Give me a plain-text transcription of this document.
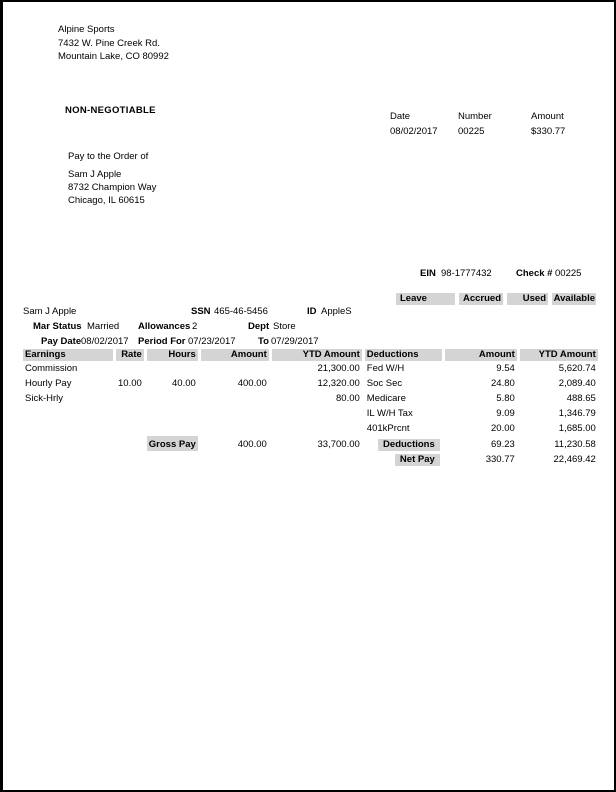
Alpine Sports
7432 W. Pine Creek Rd.
Mountain Lake, CO 80992
NON-NEGOTIABLE
Date	Number	Amount
08/02/2017 00225	$330.77
Pay to the Order of
Sam J Apple
8732 Champion Way
Chicago, IL 60615
EIN 98-1777432	Check # 00225
Leave	Accrued	Used Available
Sam J Apple	SSN 465-46-5456	ID AppleS
Mar Status Married Allowances 2	Dept Store
Pay Date 08/02/2017 Period For 07/23/2017 To 07/29/2017
Earnings	Rate	Hours	Amount	YTD Amount	Deductions	Amount	YTD Amount
Commission				21,300.00	Fed W/H	9.54	5,620.74
Hourly Pay	10.00	40.00	400.00	12,320.00	Soc Sec	24.80	2,089.40
Sick-Hrly				80.00	Medicare	5.80	488.65
					IL W/H Tax	9.09	1,346.79
					401kPrcnt	20.00	1,685.00
		Gross Pay	400.00	33,700.00	Deductions	69.23	11,230.58

					Net Pay	330.77	22,469.42
